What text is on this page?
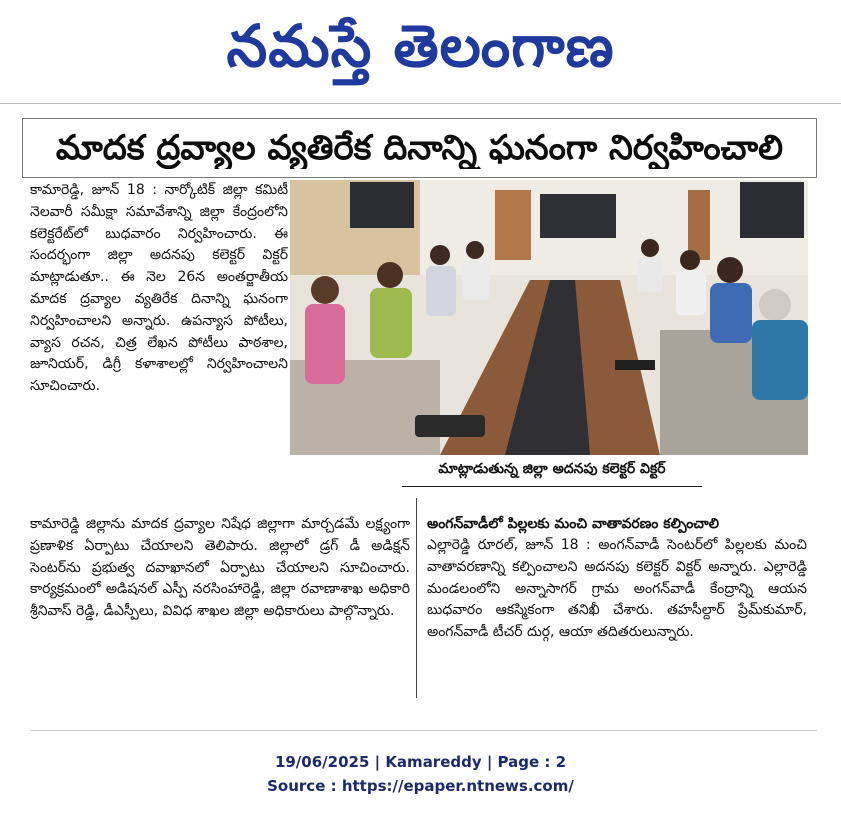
నమస్తే తెలంగాణ
మాదక ద్రవ్యాల వ్యతిరేక దినాన్ని ఘనంగా నిర్వహించాలి

కామారెడ్డి, జూన్ 18 : నార్కోటిక్ జిల్లా కమిటీ నెలవారీ సమీక్షా సమావేశాన్ని జిల్లా కేంద్రంలోని కలెక్టరేట్‌లో బుధవారం నిర్వహించారు. ఈ సందర్భంగా జిల్లా అదనపు కలెక్టర్ విక్టర్ మాట్లాడుతూ.. ఈ నెల 26న అంతర్జాతీయ మాదక ద్రవ్యాల వ్యతిరేక దినాన్ని ఘనంగా నిర్వహించాలని అన్నారు. ఉపన్యాస పోటీలు, వ్యాస రచన, చిత్ర లేఖన పోటీలు పాఠశాల, జూనియర్, డిగ్రీ కళాశాలల్లో నిర్వహించాలని సూచించారు.

మాట్లాడుతున్న జిల్లా అదనపు కలెక్టర్ విక్టర్

కామారెడ్డి జిల్లాను మాదక ద్రవ్యాల నిషేధ జిల్లాగా మార్చడమే లక్ష్యంగా ప్రణాళిక ఏర్పాటు చేయాలని తెలిపారు. జిల్లాలో డ్రగ్ డీ అడిక్షన్ సెంటర్‌ను ప్రభుత్వ దవాఖానలో ఏర్పాటు చేయాలని సూచించారు. కార్యక్రమంలో అడిషనల్ ఎస్పీ నరసింహారెడ్డి, జిల్లా రవాణాశాఖ అధికారి శ్రీనివాస్ రెడ్డి, డీఎస్పీలు, వివిధ శాఖల జిల్లా అధికారులు పాల్గొన్నారు.

అంగన్‌వాడీలో పిల్లలకు మంచి వాతావరణం కల్పించాలి

ఎల్లారెడ్డి రూరల్, జూన్ 18 : అంగన్‌వాడీ సెంటర్‌లో పిల్లలకు మంచి వాతావరణాన్ని కల్పించాలని అదనపు కలెక్టర్ విక్టర్ అన్నారు. ఎల్లారెడ్డి మండలంలోని అన్నాసాగర్ గ్రామ అంగన్‌వాడీ కేంద్రాన్ని ఆయన బుధవారం ఆకస్మికంగా తనిఖీ చేశారు. తహసీల్దార్ ప్రేమ్‌కుమార్, అంగన్‌వాడీ టీచర్ దుర్గ, ఆయా తదితరులున్నారు.

19/06/2025 | Kamareddy | Page : 2
Source : https://epaper.ntnews.com/
